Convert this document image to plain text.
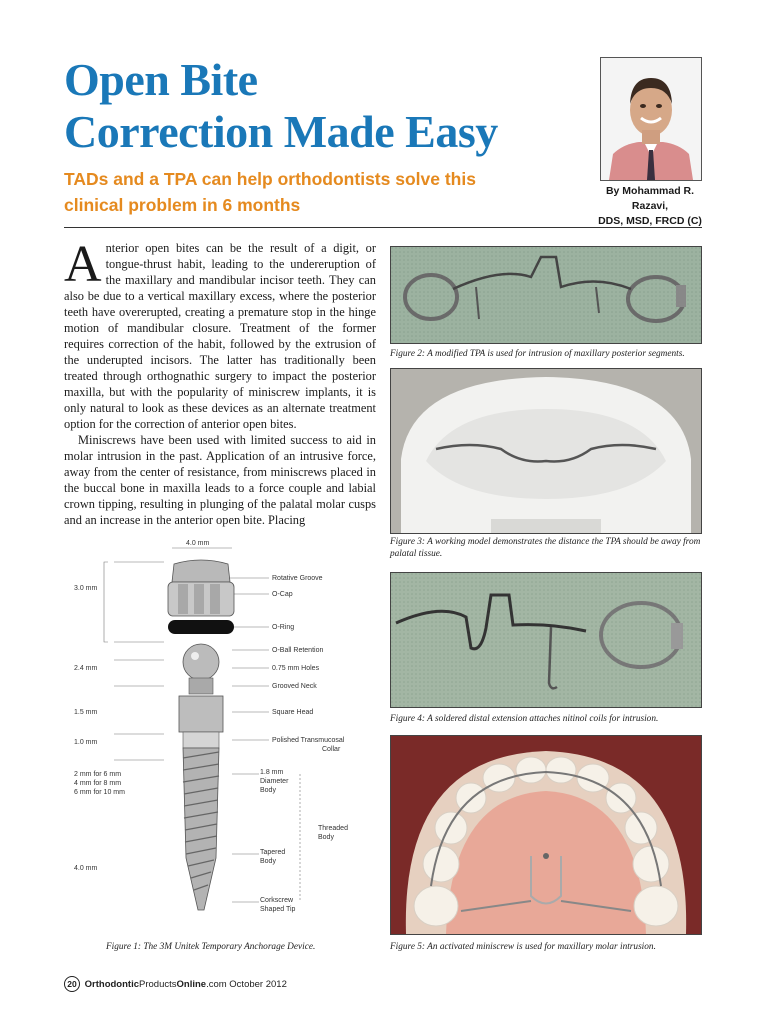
Open Bite
Correction Made Easy

TADs and a TPA can help orthodontists solve this clinical problem in 6 months

By Mohammad R. Razavi,
DDS, MSD, FRCD (C)

Anterior open bites can be the result of a digit, or tongue-thrust habit, leading to the undereruption of the maxillary and mandibular incisor teeth. They can also be due to a vertical maxillary excess, where the posterior teeth have overerupted, creating a premature stop in the hinge motion of mandibular closure. Treatment of the former requires correction of the habit, followed by the extrusion of the underupted incisors. The latter has traditionally been treated through orthognathic surgery to impact the posterior maxilla, but with the popularity of miniscrew implants, it is only natural to look as these devices as an alternate treatment option for the correction of anterior open bites.

Miniscrews have been used with limited success to aid in molar intrusion in the past. Application of an intrusive force, away from the center of resistance, from miniscrews placed in the buccal bone in maxilla leads to a force couple and labial crown tipping, resulting in plunging of the palatal molar cusps and an increase in the anterior open bite. Placing

4.0 mm
3.0 mm
2.4 mm
1.5 mm
1.0 mm
2 mm for 6 mm
4 mm for 8 mm
6 mm for 10 mm
4.0 mm
Rotative Groove
O-Cap
O-Ring
O-Ball Retention
0.75 mm Holes
Grooved Neck
Square Head
Polished Transmucosal
Collar
1.8 mm
Diameter
Body
Threaded
Body
Tapered
Body
Corkscrew
Shaped Tip
Figure 1: The 3M Unitek Temporary Anchorage Device.
Figure 2: A modified TPA is used for intrusion of maxillary posterior segments.
Figure 3: A working model demonstrates the distance the TPA should be away from palatal tissue.
Figure 4: A soldered distal extension attaches nitinol coils for intrusion.
Figure 5: An activated miniscrew is used for maxillary molar intrusion.
20 OrthodonticProductsOnline.com October 2012
